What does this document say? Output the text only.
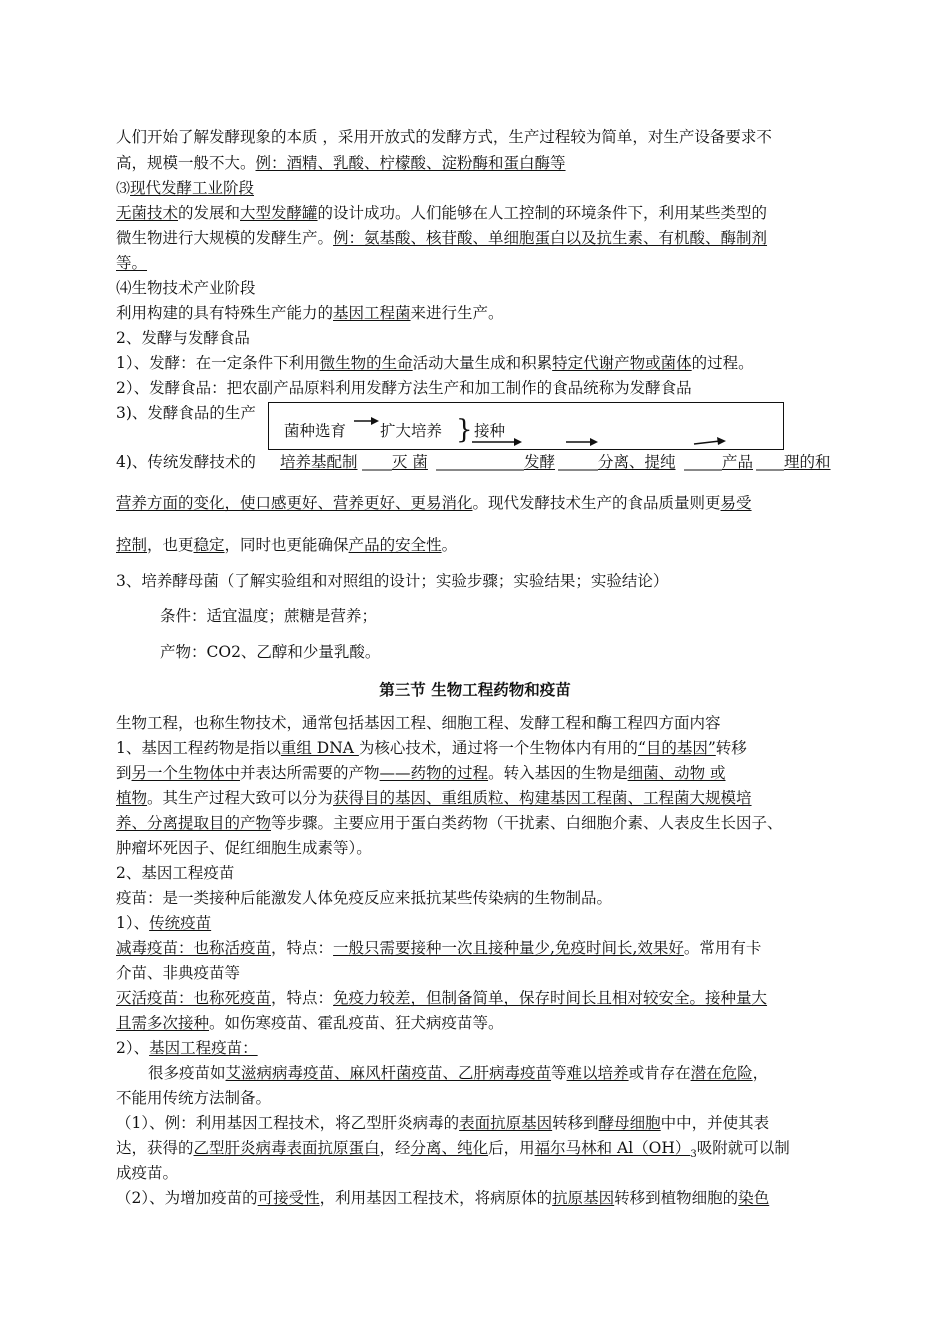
人们开始了解发酵现象的本质 ，采用开放式的发酵方式，生产过程较为简单，对生产设备要求不
高，规模一般不大。例：酒精、乳酸、柠檬酸、淀粉酶和蛋白酶等
⑶现代发酵工业阶段
无菌技术的发展和大型发酵罐的设计成功。人们能够在人工控制的环境条件下，利用某些类型的
微生物进行大规模的发酵生产。例：氨基酸、核苷酸、单细胞蛋白以及抗生素、有机酸、酶制剂
等。
⑷生物技术产业阶段
利用构建的具有特殊生产能力的基因工程菌来进行生产。
2、发酵与发酵食品
1）、发酵：在一定条件下利用微生物的生命活动大量生成和积累特定代谢产物或菌体的过程。
2）、发酵食品：把农副产品原料利用发酵方法生产和加工制作的食品统称为发酵食品
3)、发酵食品的生产
4)、传统发酵技术的	理的和
菌种选育 扩大培养 } 接种
培养基配制 灭 菌	发酵	分离、提纯	产品
营养方面的变化，使口感更好、营养更好、更易消化。现代发酵技术生产的食品质量则更易受
控制，也更稳定，同时也更能确保产品的安全性。
3、培养酵母菌（了解实验组和对照组的设计；实验步骤；实验结果；实验结论）
条件：适宜温度；蔗糖是营养；
产物：CO2、乙醇和少量乳酸。
第三节 生物工程药物和疫苗
生物工程，也称生物技术，通常包括基因工程、细胞工程、发酵工程和酶工程四方面内容
1、基因工程药物是指以重组 DNA 为核心技术，通过将一个生物体内有用的“目的基因”转移
到另一个生物体中并表达所需要的产物——药物的过程。转入基因的生物是细菌、动物 或
植物。其生产过程大致可以分为获得目的基因、重组质粒、构建基因工程菌、工程菌大规模培
养、分离提取目的产物等步骤。主要应用于蛋白类药物（干扰素、白细胞介素、人表皮生长因子、
肿瘤坏死因子、促红细胞生成素等）。
2、基因工程疫苗
疫苗：是一类接种后能激发人体免疫反应来抵抗某些传染病的生物制品。
1）、传统疫苗
减毒疫苗：也称活疫苗，特点：一般只需要接种一次且接种量少,免疫时间长,效果好。常用有卡
介苗、非典疫苗等
灭活疫苗：也称死疫苗，特点：免疫力较差，但制备简单，保存时间长且相对较安全。接种量大
且需多次接种。如伤寒疫苗、霍乱疫苗、狂犬病疫苗等。
2）、基因工程疫苗：
很多疫苗如艾滋病病毒疫苗、麻风杆菌疫苗、乙肝病毒疫苗等难以培养或肯存在潜在危险，
不能用传统方法制备。
（1）、例：利用基因工程技术，将乙型肝炎病毒的表面抗原基因转移到酵母细胞中中，并使其表
达，获得的乙型肝炎病毒表面抗原蛋白，经分离、纯化后，用福尔马林和 $Al(OH)_3$吸附就可以制
成疫苗。
（2）、为增加疫苗的可接受性，利用基因工程技术，将病原体的抗原基因转移到植物细胞的染色
